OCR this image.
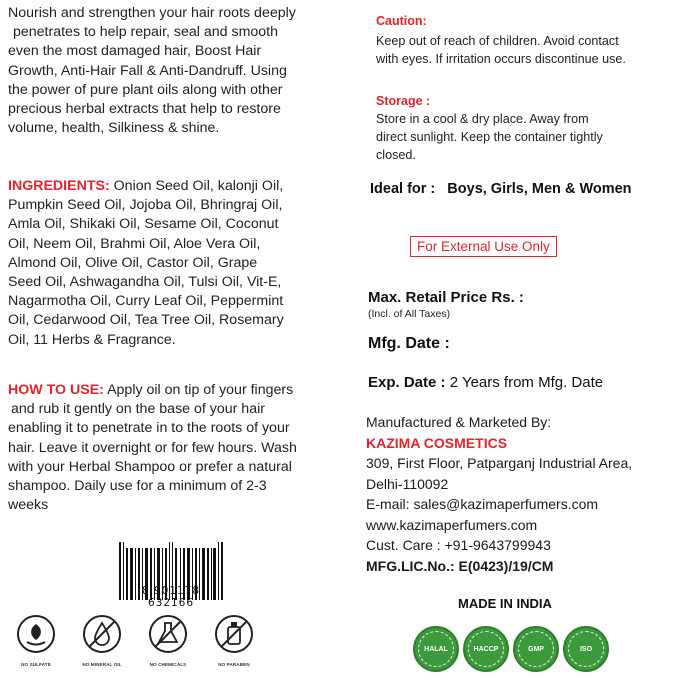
Nourish and strengthen your hair roots deeply
penetrates to help repair, seal and smooth
even the most damaged hair, Boost Hair
Growth, Anti-Hair Fall & Anti-Dandruff. Using
the power of pure plant oils along with other
precious herbal extracts that help to restore
volume, health, Silkiness & shine.
INGREDIENTS: Onion Seed Oil, kalonji Oil,
Pumpkin Seed Oil, Jojoba Oil, Bhringraj Oil,
Amla Oil, Shikaki Oil, Sesame Oil, Coconut
Oil, Neem Oil, Brahmi Oil, Aloe Vera Oil,
Almond Oil, Olive Oil, Castor Oil, Grape
Seed Oil, Ashwagandha Oil, Tulsi Oil, Vit-E,
Nagarmotha Oil, Curry Leaf Oil, Peppermint
Oil, Cedarwood Oil, Tea Tree Oil, Rosemary
Oil, 11 Herbs & Fragrance.
HOW TO USE: Apply oil on tip of your fingers
and rub it gently on the base of your hair
enabling it to penetrate in to the roots of your
hair. Leave it overnight or for few hours. Wash
with your Herbal Shampoo or prefer a natural
shampoo. Daily use for a minimum of 2-3
weeks
8 901178 632166
NO SULFATE	NO MINERAL OIL	NO CHEMICALS	NO PARABEN
Caution:
Keep out of reach of children. Avoid contact
with eyes. If irritation occurs discontinue use.
Storage :
Store in a cool & dry place. Away from
direct sunlight. Keep the container tightly
closed.
Ideal for : Boys, Girls, Men & Women
For External Use Only
Max. Retail Price Rs. :
(Incl. of All Taxes)
Mfg. Date :
Exp. Date : 2 Years from Mfg. Date
Manufactured & Marketed By:
KAZIMA COSMETICS
309, First Floor, Patparganj Industrial Area,
Delhi-110092
E-mail: sales@kazimaperfumers.com
www.kazimaperfumers.com
Cust. Care : +91-9643799943
MFG.LIC.No.: E(0423)/19/CM
MADE IN INDIA
HALAL	HACCP	GMP	ISO
